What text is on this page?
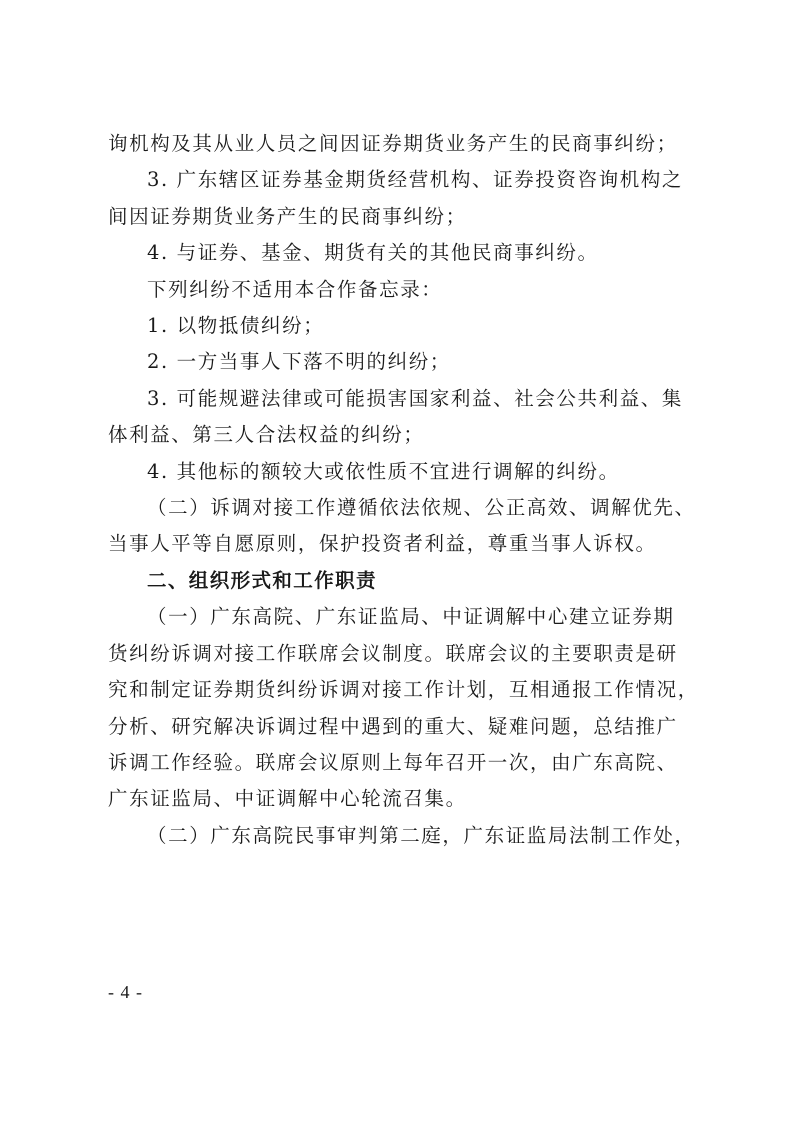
询机构及其从业人员之间因证券期货业务产生的民商事纠纷；
3. 广东辖区证券基金期货经营机构、证券投资咨询机构之
间因证券期货业务产生的民商事纠纷；
4. 与证券、基金、期货有关的其他民商事纠纷。
下列纠纷不适用本合作备忘录：
1. 以物抵债纠纷；
2. 一方当事人下落不明的纠纷；
3. 可能规避法律或可能损害国家利益、社会公共利益、集
体利益、第三人合法权益的纠纷；
4. 其他标的额较大或依性质不宜进行调解的纠纷。
（二）诉调对接工作遵循依法依规、公正高效、调解优先、
当事人平等自愿原则，保护投资者利益，尊重当事人诉权。
二、组织形式和工作职责
（一）广东高院、广东证监局、中证调解中心建立证券期
货纠纷诉调对接工作联席会议制度。联席会议的主要职责是研
究和制定证券期货纠纷诉调对接工作计划，互相通报工作情况，
分析、研究解决诉调过程中遇到的重大、疑难问题，总结推广
诉调工作经验。联席会议原则上每年召开一次，由广东高院、
广东证监局、中证调解中心轮流召集。
（二）广东高院民事审判第二庭，广东证监局法制工作处，
- 4 -
